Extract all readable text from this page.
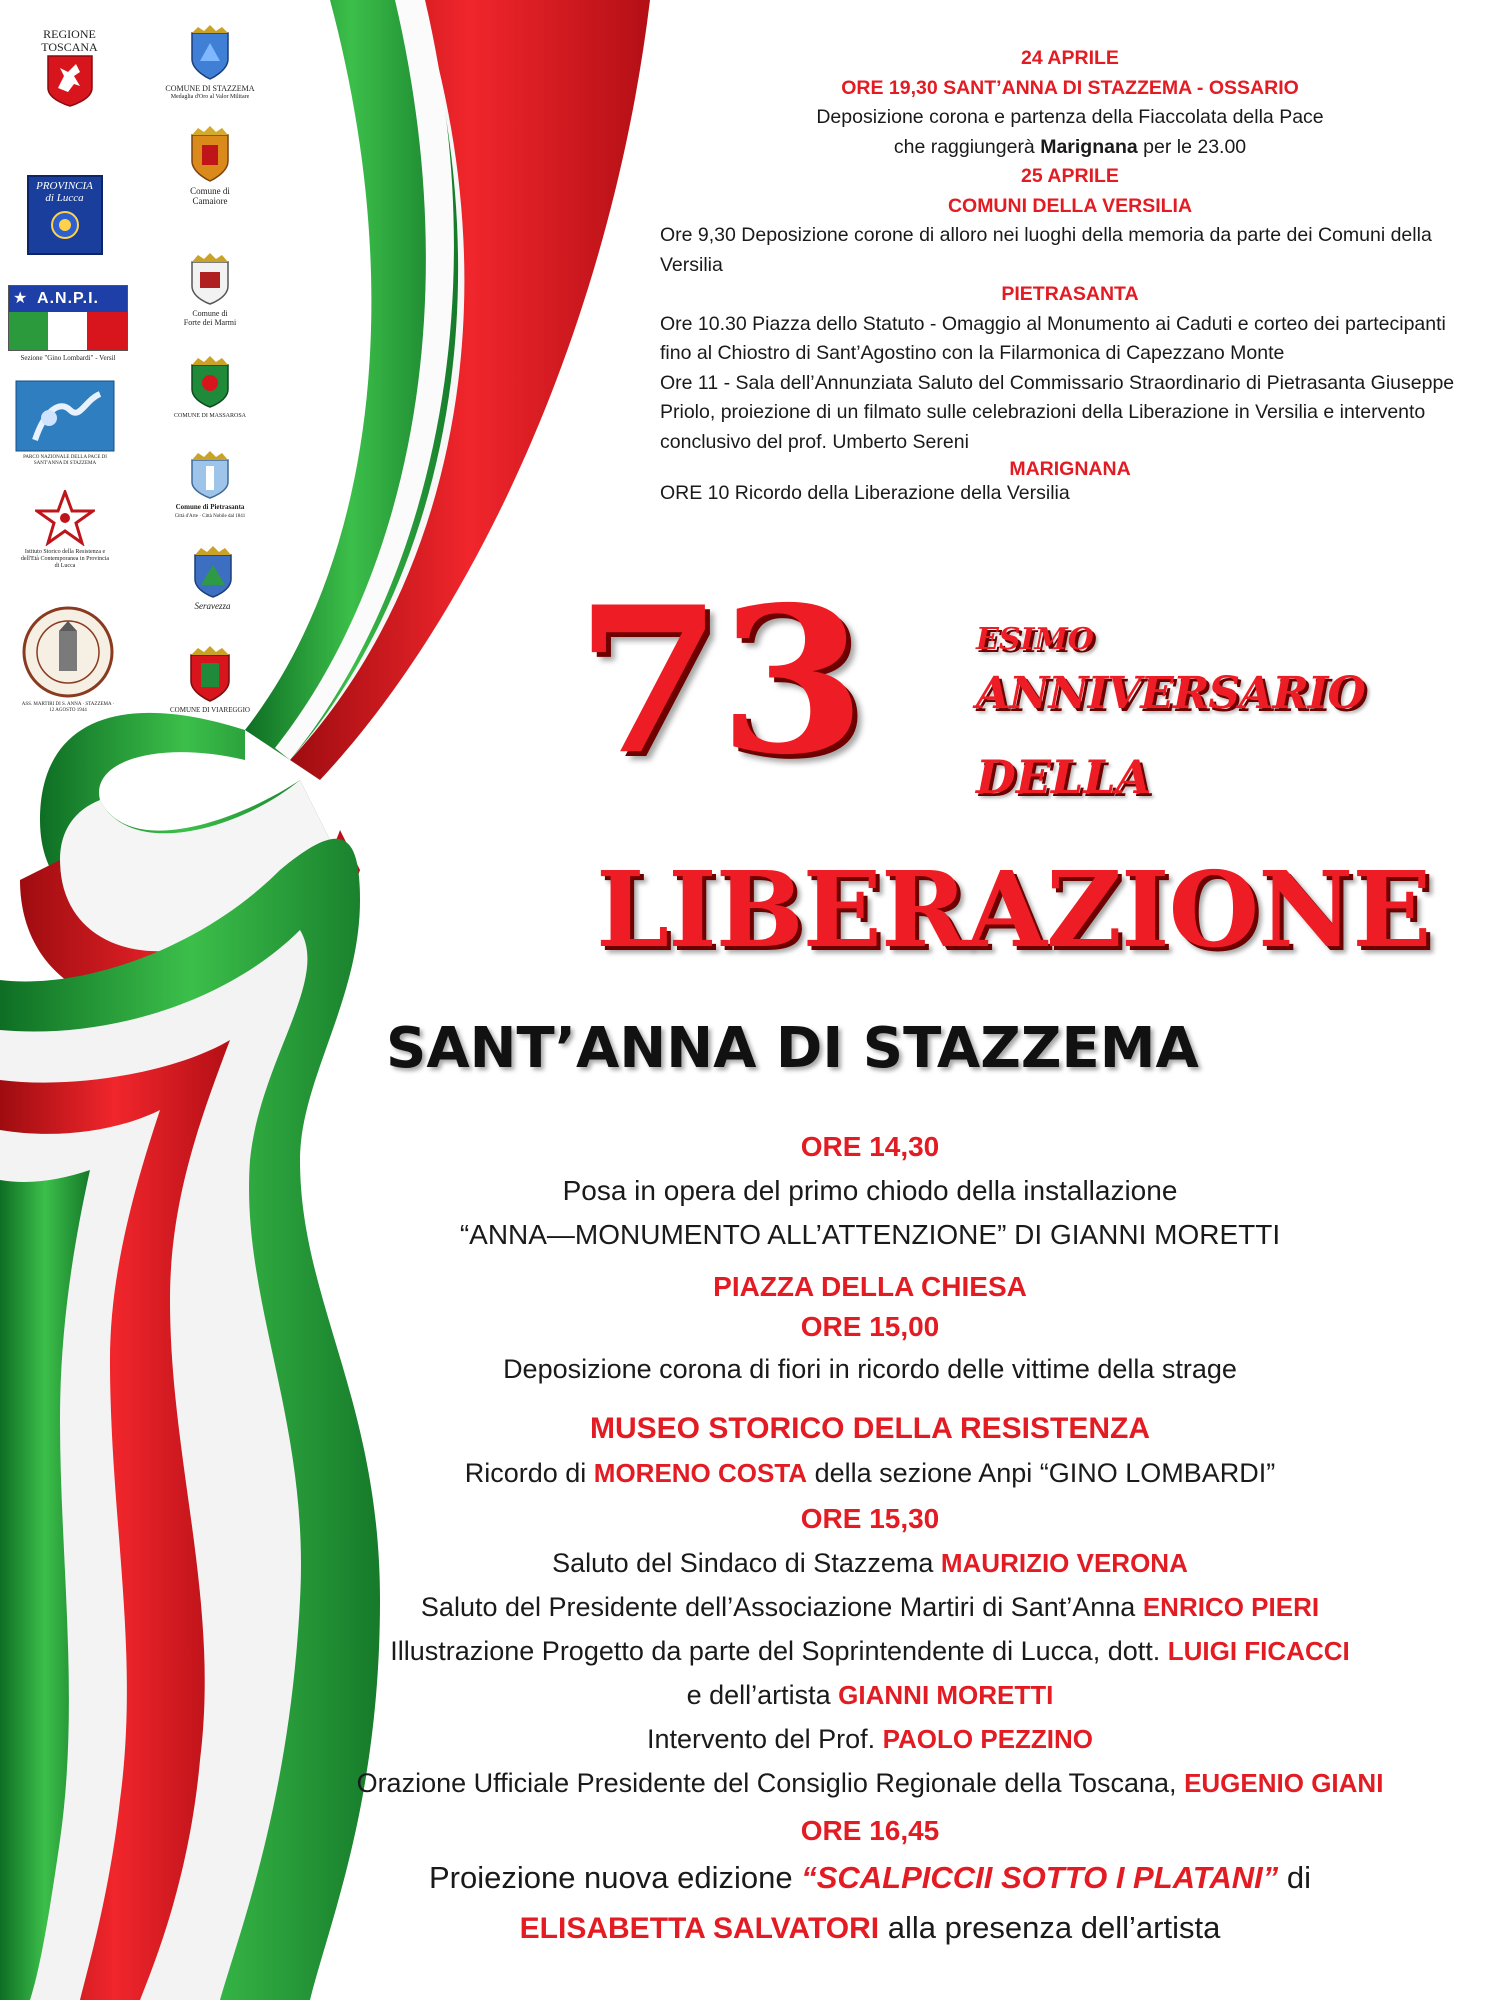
REGIONE TOSCANA
PROVINCIA
di Lucca
A.N.P.I.
★
Sezione "Gino Lombardi" - Versil
PARCO NAZIONALE DELLA PACE DI SANT'ANNA DI STAZZEMA
Istituto Storico della Resistenza e dell'Età Contemporanea in Provincia di Lucca
ASS. MARTIRI DI S. ANNA · STAZZEMA · 12 AGOSTO 1944
COMUNE DI STAZZEMA
Medaglia d'Oro al Valor Militare
Comune di
Camaiore
Comune di
Forte dei Marmi
COMUNE DI MASSAROSA
Comune di Pietrasanta
Città d'Arte · Città Nobile dal 1841
Seravezza
COMUNE DI VIAREGGIO
24 APRILE
ORE 19,30 SANT’ANNA DI STAZZEMA - OSSARIO
Deposizione corona e partenza della Fiaccolata della Pace
che raggiungerà Marignana per le 23.00
25 APRILE
COMUNI DELLA VERSILIA
Ore 9,30 Deposizione corone di alloro nei luoghi della memoria da parte dei Comuni della Versilia
PIETRASANTA
Ore 10.30 Piazza dello Statuto - Omaggio al Monumento ai Caduti e corteo dei partecipanti fino al Chiostro di Sant’Agostino con la Filarmonica di Capezzano Monte
Ore 11 - Sala dell’Annunziata Saluto del Commissario Straordinario di Pietrasanta Giuseppe Priolo, proiezione di un filmato sulle celebrazioni della Liberazione in Versilia e intervento conclusivo del prof. Umberto Sereni
MARIGNANA
ORE 10 Ricordo della Liberazione della Versilia
73	ESIMO
ANNIVERSARIO
DELLA
LIBERAZIONE
SANT’ANNA DI STAZZEMA
ORE 14,30
Posa in opera del primo chiodo della installazione
“ANNA—MONUMENTO ALL’ATTENZIONE” DI GIANNI MORETTI
PIAZZA DELLA CHIESA
ORE 15,00
Deposizione corona di fiori in ricordo delle vittime della strage
MUSEO STORICO DELLA RESISTENZA
Ricordo di MORENO COSTA della sezione Anpi “GINO LOMBARDI”
ORE 15,30
Saluto del Sindaco di Stazzema MAURIZIO VERONA
Saluto del Presidente dell’Associazione Martiri di Sant’Anna ENRICO PIERI
Illustrazione Progetto da parte del Soprintendente di Lucca, dott. LUIGI FICACCI
e dell’artista GIANNI MORETTI
Intervento del Prof. PAOLO PEZZINO
Orazione Ufficiale Presidente del Consiglio Regionale della Toscana, EUGENIO GIANI
ORE 16,45
Proiezione nuova edizione “SCALPICCII SOTTO I PLATANI” di
ELISABETTA SALVATORI alla presenza dell’artista
